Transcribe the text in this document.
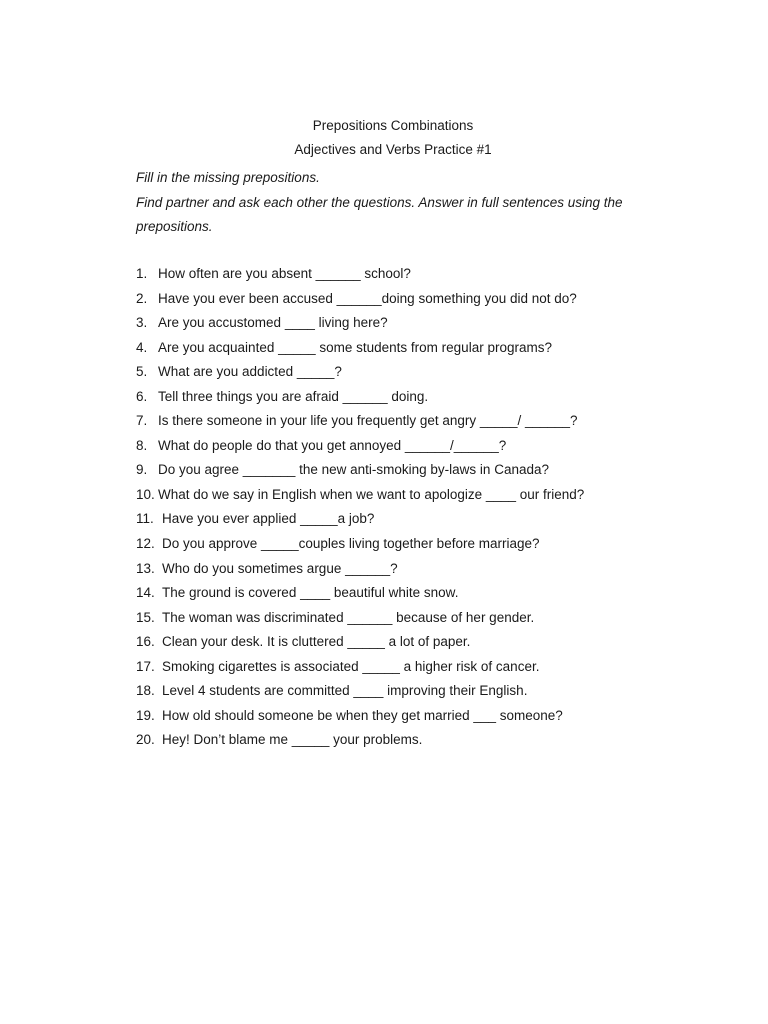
Prepositions Combinations
Adjectives and Verbs Practice #1

Fill in the missing prepositions.

Find partner and ask each other the questions. Answer in full sentences using the prepositions.

1. How often are you absent ______ school?
2. Have you ever been accused ______doing something you did not do?
3. Are you accustomed ____ living here?
4. Are you acquainted _____ some students from regular programs?
5. What are you addicted _____?
6. Tell three things you are afraid ______ doing.
7. Is there someone in your life you frequently get angry _____/ ______?
8. What do people do that you get annoyed ______/______?
9. Do you agree _______ the new anti-smoking by-laws in Canada?
10. What do we say in English when we want to apologize ____ our friend?
11. Have you ever applied _____a job?
12. Do you approve _____couples living together before marriage?
13. Who do you sometimes argue ______?
14. The ground is covered ____ beautiful white snow.
15. The woman was discriminated ______ because of her gender.
16. Clean your desk. It is cluttered _____ a lot of paper.
17. Smoking cigarettes is associated _____ a higher risk of cancer.
18. Level 4 students are committed ____ improving their English.
19. How old should someone be when they get married ___ someone?
20. Hey! Don’t blame me _____ your problems.
